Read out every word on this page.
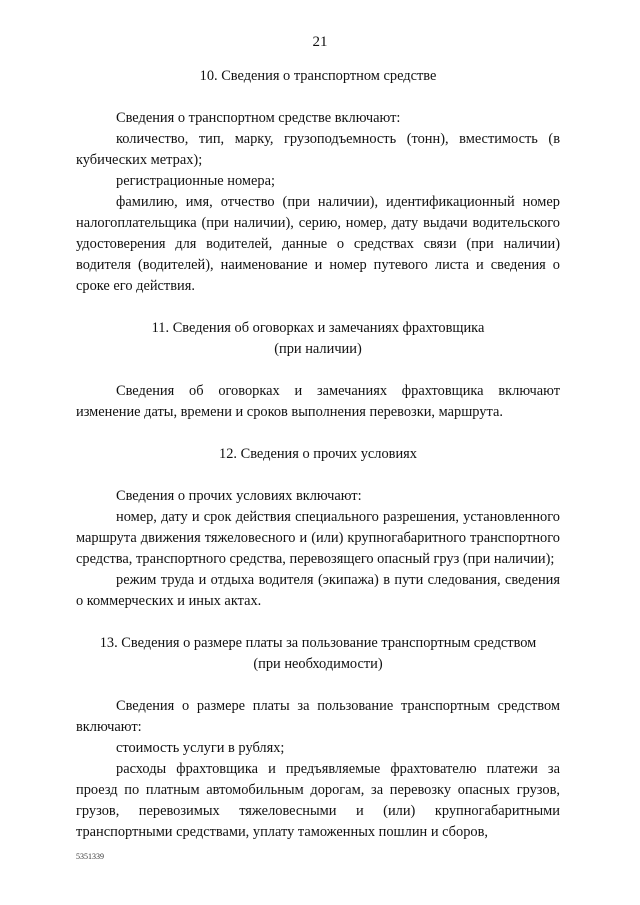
21

10. Сведения о транспортном средстве

Сведения о транспортном средстве включают:

количество, тип, марку, грузоподъемность (тонн), вместимость (в кубических метрах);

регистрационные номера;

фамилию, имя, отчество (при наличии), идентификационный номер налогоплательщика (при наличии), серию, номер, дату выдачи водительского удостоверения для водителей, данные о средствах связи (при наличии) водителя (водителей), наименование и номер путевого листа и сведения о сроке его действия.

11. Сведения об оговорках и замечаниях фрахтовщика

(при наличии)

Сведения об оговорках и замечаниях фрахтовщика включают изменение даты, времени и сроков выполнения перевозки, маршрута.

12. Сведения о прочих условиях

Сведения о прочих условиях включают:

номер, дату и срок действия специального разрешения, установленного маршрута движения тяжеловесного и (или) крупногабаритного транспортного средства, транспортного средства, перевозящего опасный груз (при наличии);

режим труда и отдыха водителя (экипажа) в пути следования, сведения о коммерческих и иных актах.

13. Сведения о размере платы за пользование транспортным средством

(при необходимости)

Сведения о размере платы за пользование транспортным средством включают:

стоимость услуги в рублях;

расходы фрахтовщика и предъявляемые фрахтователю платежи за проезд по платным автомобильным дорогам, за перевозку опасных грузов, грузов, перевозимых тяжеловесными и (или) крупногабаритными транспортными средствами, уплату таможенных пошлин и сборов,

5351339
